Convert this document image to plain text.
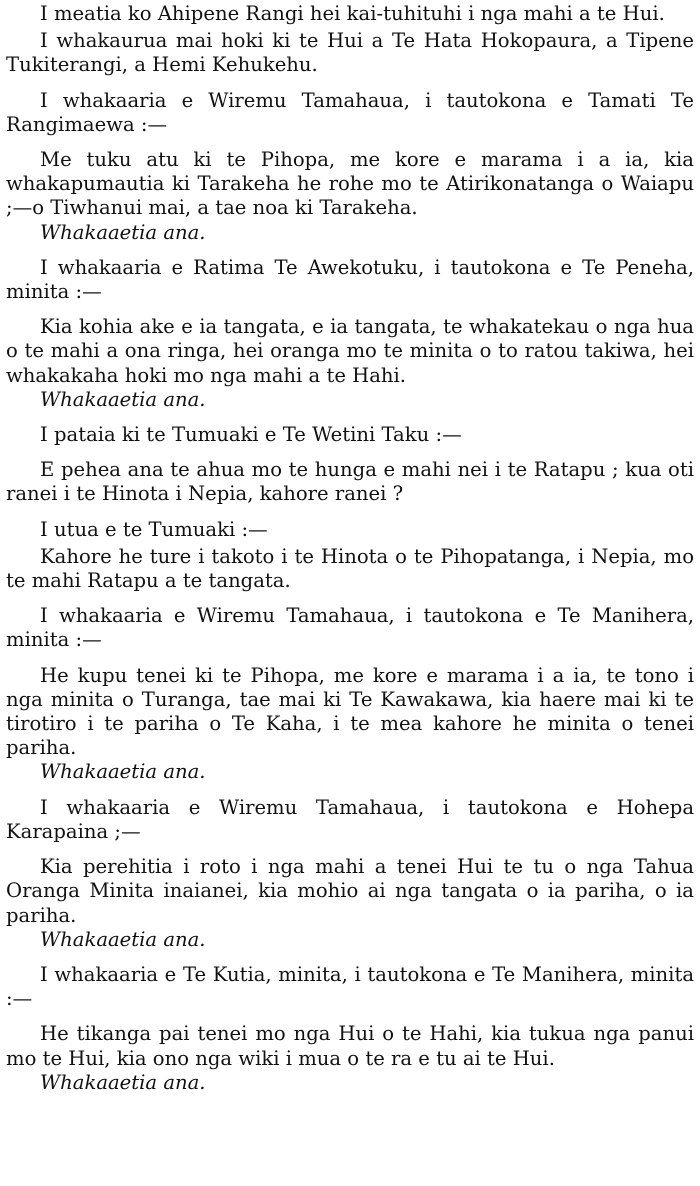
I meatia ko Ahipene Rangi hei kai-tuhituhi i nga mahi a te Hui.

I whakaurua mai hoki ki te Hui a Te Hata Hokopaura, a Tipene Tukiterangi, a Hemi Kehukehu.

I whakaaria e Wiremu Tamahaua, i tautokona e Tamati Te Rangimaewa :—

Me tuku atu ki te Pihopa, me kore e marama i a ia, kia whakapumautia ki Tarakeha he rohe mo te Atirikonatanga o Waiapu ;—o Tiwhanui mai, a tae noa ki Tarakeha.

Whakaaetia ana.

I whakaaria e Ratima Te Awekotuku, i tautokona e Te Peneha, minita :—

Kia kohia ake e ia tangata, e ia tangata, te whakatekau o nga hua o te mahi a ona ringa, hei oranga mo te minita o to ratou takiwa, hei whakakaha hoki mo nga mahi a te Hahi.

Whakaaetia ana.

I pataia ki te Tumuaki e Te Wetini Taku :—

E pehea ana te ahua mo te hunga e mahi nei i te Ratapu ; kua oti ranei i te Hinota i Nepia, kahore ranei ?

I utua e te Tumuaki :—

Kahore he ture i takoto i te Hinota o te Pihopatanga, i Nepia, mo te mahi Ratapu a te tangata.

I whakaaria e Wiremu Tamahaua, i tautokona e Te Manihera, minita :—

He kupu tenei ki te Pihopa, me kore e marama i a ia, te tono i nga minita o Turanga, tae mai ki Te Kawakawa, kia haere mai ki te tirotiro i te pariha o Te Kaha, i te mea kahore he minita o tenei pariha.

Whakaaetia ana.

I whakaaria e Wiremu Tamahaua, i tautokona e Hohepa Karapaina ;—

Kia perehitia i roto i nga mahi a tenei Hui te tu o nga Tahua Oranga Minita inaianei, kia mohio ai nga tangata o ia pariha, o ia pariha.

Whakaaetia ana.

I whakaaria e Te Kutia, minita, i tautokona e Te Manihera, minita :—

He tikanga pai tenei mo nga Hui o te Hahi, kia tukua nga panui mo te Hui, kia ono nga wiki i mua o te ra e tu ai te Hui.

Whakaaetia ana.
